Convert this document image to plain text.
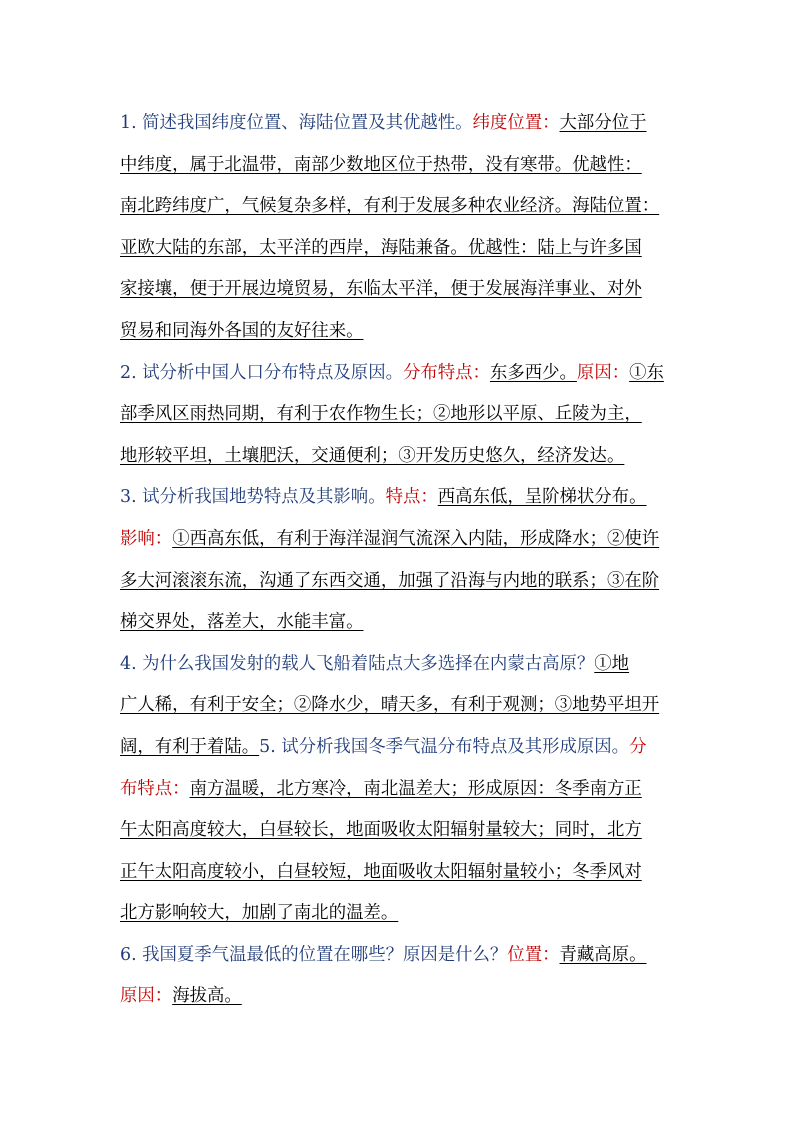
1. 简述我国纬度位置、海陆位置及其优越性。纬度位置：大部分位于
中纬度，属于北温带，南部少数地区位于热带，没有寒带。优越性：
南北跨纬度广，气候复杂多样，有利于发展多种农业经济。海陆位置：
亚欧大陆的东部，太平洋的西岸，海陆兼备。优越性：陆上与许多国
家接壤，便于开展边境贸易，东临太平洋，便于发展海洋事业、对外
贸易和同海外各国的友好往来。
2. 试分析中国人口分布特点及原因。分布特点：东多西少。原因：①东
部季风区雨热同期，有利于农作物生长；②地形以平原、丘陵为主，
地形较平坦，土壤肥沃，交通便利；③开发历史悠久，经济发达。
3. 试分析我国地势特点及其影响。特点：西高东低，呈阶梯状分布。
影响：①西高东低，有利于海洋湿润气流深入内陆，形成降水；②使许
多大河滚滚东流，沟通了东西交通，加强了沿海与内地的联系；③在阶
梯交界处，落差大，水能丰富。
4. 为什么我国发射的载人飞船着陆点大多选择在内蒙古高原？①地
广人稀，有利于安全；②降水少，晴天多，有利于观测；③地势平坦开
阔，有利于着陆。5. 试分析我国冬季气温分布特点及其形成原因。分
布特点：南方温暖，北方寒冷，南北温差大；形成原因：冬季南方正
午太阳高度较大，白昼较长，地面吸收太阳辐射量较大；同时，北方
正午太阳高度较小，白昼较短，地面吸收太阳辐射量较小；冬季风对
北方影响较大，加剧了南北的温差。
6. 我国夏季气温最低的位置在哪些？原因是什么？位置：青藏高原。
原因：海拔高。
